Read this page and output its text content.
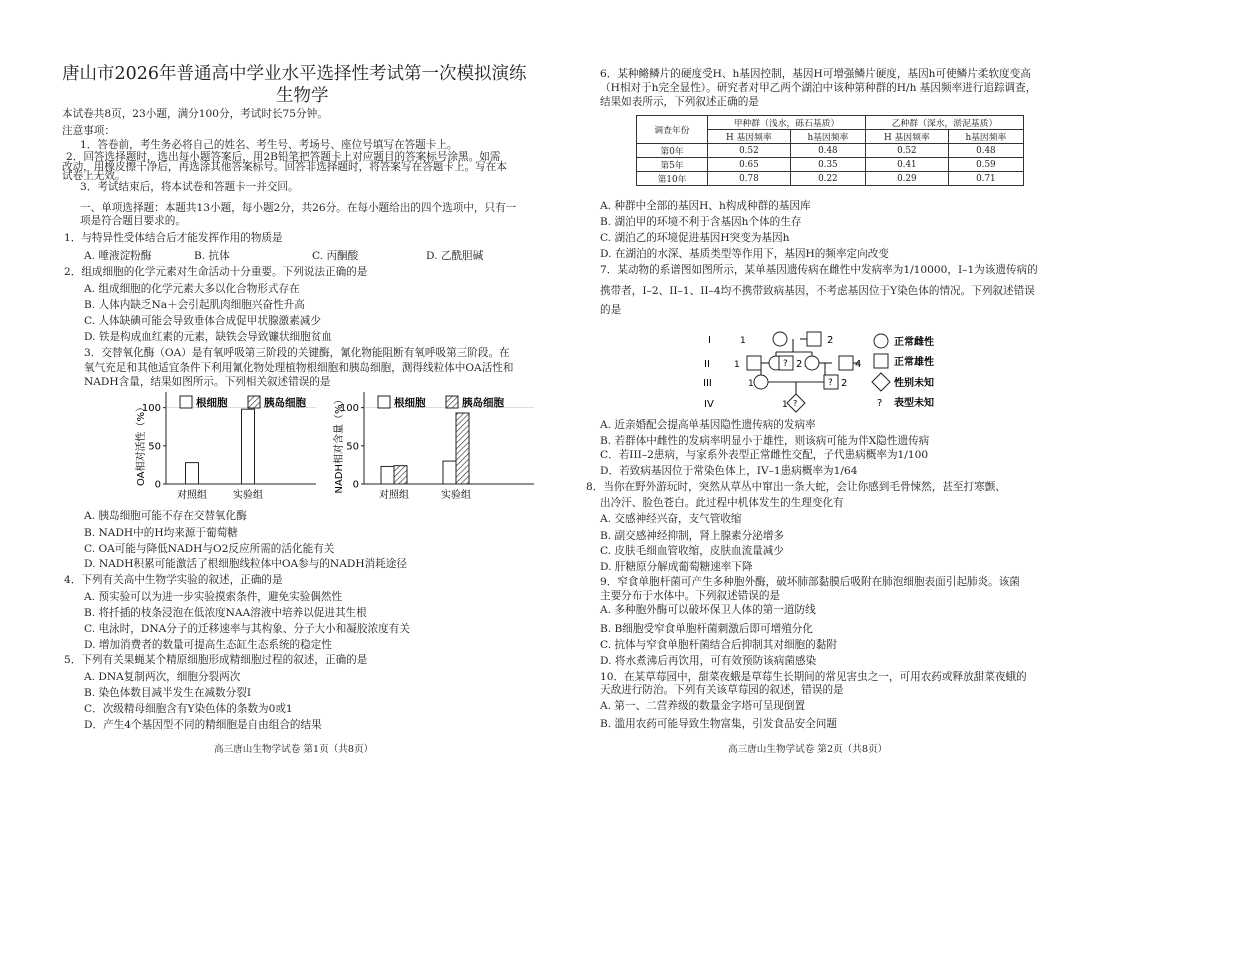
唐山市2026年普通高中学业水平选择性考试第一次模拟演练
生物学
本试卷共8页，23小题，满分100分，考试时长75分钟。
注意事项：
1．答卷前，考生务必将自己的姓名、考生号、考场号、座位号填写在答题卡上。
2．回答选择题时，选出每小题答案后，用2B铅笔把答题卡上对应题目的答案标号涂黑。如需
改动，用橡皮擦干净后，再选涂其他答案标号。回答非选择题时，将答案写在答题卡上。写在本
试卷上无效。
3．考试结束后，将本试卷和答题卡一并交回。
一、单项选择题：本题共13小题，每小题2分，共26分。在每小题给出的四个选项中，只有一
项是符合题目要求的。
1．与特异性受体结合后才能发挥作用的物质是
A. 唾液淀粉酶	B. 抗体	C. 丙酮酸	D. 乙酰胆碱
2．组成细胞的化学元素对生命活动十分重要。下列说法正确的是
A. 组成细胞的化学元素大多以化合物形式存在
B. 人体内缺乏Na＋会引起肌肉细胞兴奋性升高
C. 人体缺碘可能会导致垂体合成促甲状腺激素减少
D. 铁是构成血红素的元素，缺铁会导致镰状细胞贫血
3．交替氧化酶（OA）是有氧呼吸第三阶段的关键酶，氰化物能阻断有氧呼吸第三阶段。在
氧气充足和其他适宜条件下利用氰化物处理植物根细胞和胰岛细胞，测得线粒体中OA活性和
NADH含量，结果如图所示。下列相关叙述错误的是
0
50
100
OA相对活性（%）
对照组	实验组
根细胞	胰岛细胞
0
50
100
NADH相对含量（%）
对照组	实验组
根细胞	胰岛细胞
A. 胰岛细胞可能不存在交替氧化酶
B. NADH中的H均来源于葡萄糖
C. OA可能与降低NADH与O2反应所需的活化能有关
D. NADH积累可能激活了根细胞线粒体中OA参与的NADH消耗途径
4．下列有关高中生物学实验的叙述，正确的是
A. 预实验可以为进一步实验摸索条件，避免实验偶然性
B. 将扦插的枝条浸泡在低浓度NAA溶液中培养以促进其生根
C. 电泳时，DNA分子的迁移速率与其构象、分子大小和凝胶浓度有关
D. 增加消费者的数量可提高生态缸生态系统的稳定性
5．下列有关果蝇某个精原细胞形成精细胞过程的叙述，正确的是
A. DNA复制两次，细胞分裂两次
B. 染色体数目减半发生在减数分裂I
C．次级精母细胞含有Y染色体的条数为0或1
D．产生4个基因型不同的精细胞是自由组合的结果
高三唐山生物学试卷 第1页（共8页）
6．某种鳉鳞片的硬度受H、h基因控制，基因H可增强鳞片硬度，基因h可使鳞片柔软度变高
（H相对于h完全显性）。研究者对甲乙两个湖泊中该种第种群的H/h 基因频率进行追踪调查，
结果如表所示，下列叙述正确的是
调查年份	甲种群（浅水，砾石基质）		乙种群（深水，淤泥基质）	
	H 基因频率	h基因频率	H 基因频率	h基因频率
第0年	0.52	0.48	0.52	0.48
第5年	0.65	0.35	0.41	0.59
第10年	0.78	0.22	0.29	0.71
A. 种群中全部的基因H、h构成种群的基因库
B. 湖泊甲的环境不利于含基因h个体的生存
C. 湖泊乙的环境促进基因H突变为基因h
D. 在湖泊的水深、基质类型等作用下，基因H的频率定向改变
7．某动物的系谱图如图所示，某单基因遗传病在雌性中发病率为1/10000，I–1为该遗传病的
携带者，I–2、II–1、II–4均不携带致病基因，不考虑基因位于Y染色体的情况。下列叙述错误
的是
I
II
III
IV
1	2
1	? 2	4
1	? 2
1 ?
正常雌性
正常雄性
性别未知
? 表型未知
A. 近亲婚配会提高单基因隐性遗传病的发病率
B. 若群体中雌性的发病率明显小于雄性，则该病可能为伴X隐性遗传病
C．若III–2患病，与家系外表型正常雌性交配，子代患病概率为1/100
D．若致病基因位于常染色体上，IV–1患病概率为1/64
8．当你在野外游玩时，突然从草丛中窜出一条大蛇，会让你感到毛骨悚然，甚至打寒颤、
出冷汗、脸色苍白。此过程中机体发生的生理变化有
A. 交感神经兴奋，支气管收缩
B. 副交感神经抑制，肾上腺素分泌增多
C. 皮肤毛细血管收缩，皮肤血流量减少
D. 肝糖原分解成葡萄糖速率下降
9．窄食单胞杆菌可产生多种胞外酶，破坏肺部黏膜后吸附在肺泡细胞表面引起肺炎。该菌
主要分布于水体中。下列叙述错误的是
A. 多种胞外酶可以破坏保卫人体的第一道防线
B. B细胞受窄食单胞杆菌刺激后即可增殖分化
C. 抗体与窄食单胞杆菌结合后抑制其对细胞的黏附
D. 将水煮沸后再饮用，可有效预防该病菌感染
10．在某草莓园中，甜菜夜蛾是草莓生长期间的常见害虫之一，可用农药或释放甜菜夜蛾的
天敌进行防治。下列有关该草莓园的叙述，错误的是
A. 第一、二营养级的数量金字塔可呈现倒置
B. 滥用农药可能导致生物富集，引发食品安全问题
高三唐山生物学试卷 第2页（共8页）
